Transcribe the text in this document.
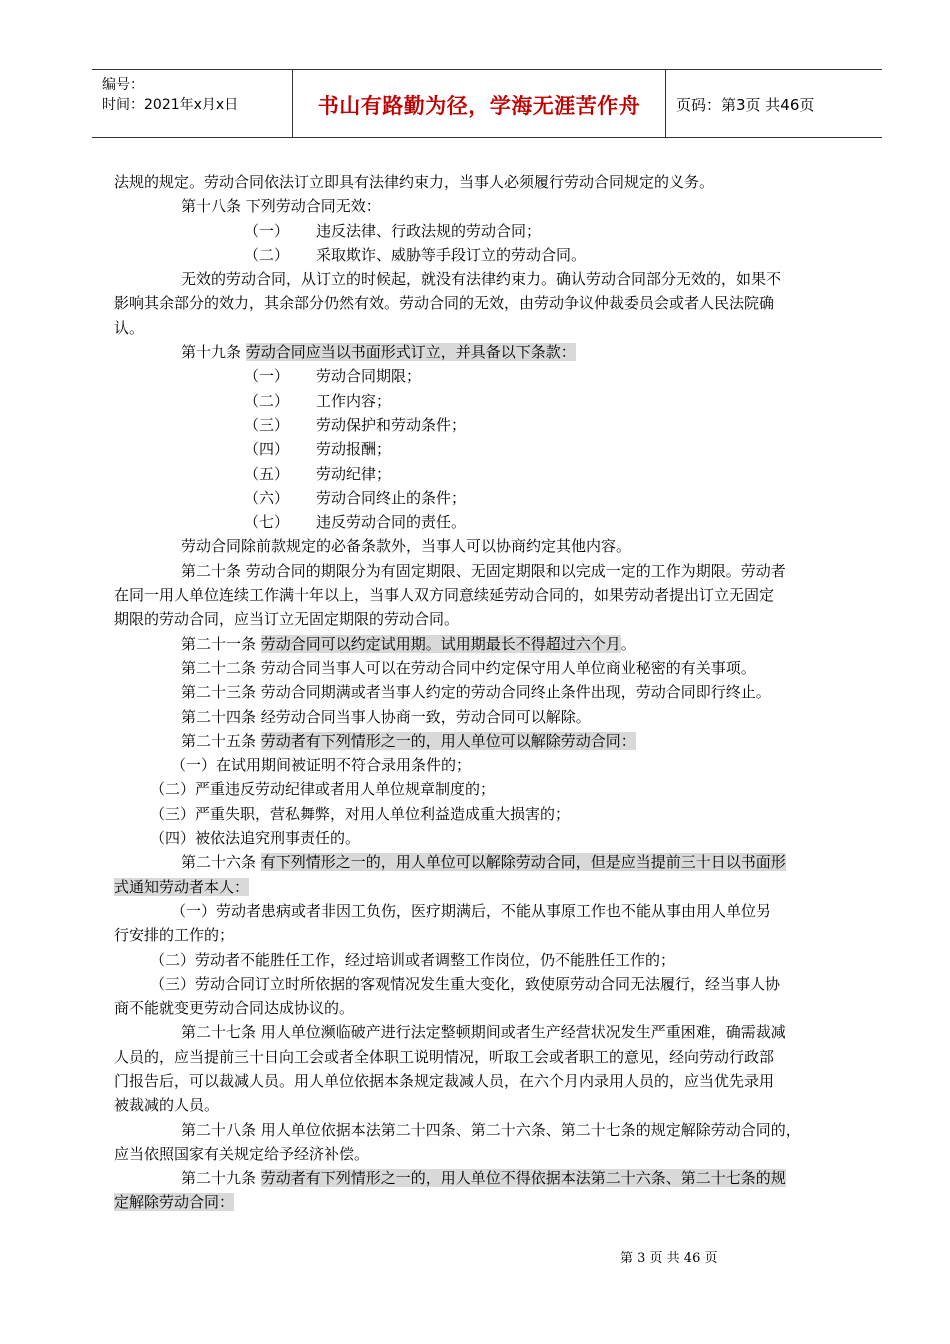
编号：
时间：2021年x月x日	书山有路勤为径，学海无涯苦作舟	页码：第3页 共46页

法规的规定。劳动合同依法订立即具有法律约束力，当事人必须履行劳动合同规定的义务。

第十八条 下列劳动合同无效：

（一） 违反法律、行政法规的劳动合同；

（二） 采取欺诈、威胁等手段订立的劳动合同。

无效的劳动合同，从订立的时候起，就没有法律约束力。确认劳动合同部分无效的，如果不

影响其余部分的效力，其余部分仍然有效。劳动合同的无效，由劳动争议仲裁委员会或者人民法院确

认。

第十九条 劳动合同应当以书面形式订立，并具备以下条款：

（一） 劳动合同期限；

（二） 工作内容；

（三） 劳动保护和劳动条件；

（四） 劳动报酬；

（五） 劳动纪律；

（六） 劳动合同终止的条件；

（七） 违反劳动合同的责任。

劳动合同除前款规定的必备条款外，当事人可以协商约定其他内容。

第二十条 劳动合同的期限分为有固定期限、无固定期限和以完成一定的工作为期限。劳动者

在同一用人单位连续工作满十年以上，当事人双方同意续延劳动合同的，如果劳动者提出订立无固定

期限的劳动合同，应当订立无固定期限的劳动合同。

第二十一条 劳动合同可以约定试用期。试用期最长不得超过六个月。

第二十二条 劳动合同当事人可以在劳动合同中约定保守用人单位商业秘密的有关事项。

第二十三条 劳动合同期满或者当事人约定的劳动合同终止条件出现，劳动合同即行终止。

第二十四条 经劳动合同当事人协商一致，劳动合同可以解除。

第二十五条 劳动者有下列情形之一的，用人单位可以解除劳动合同：

（一）在试用期间被证明不符合录用条件的；

（二）严重违反劳动纪律或者用人单位规章制度的；

（三）严重失职，营私舞弊，对用人单位利益造成重大损害的；

（四）被依法追究刑事责任的。

第二十六条 有下列情形之一的，用人单位可以解除劳动合同，但是应当提前三十日以书面形

式通知劳动者本人：

（一）劳动者患病或者非因工负伤，医疗期满后，不能从事原工作也不能从事由用人单位另

行安排的工作的；

（二）劳动者不能胜任工作，经过培训或者调整工作岗位，仍不能胜任工作的；

（三）劳动合同订立时所依据的客观情况发生重大变化，致使原劳动合同无法履行，经当事人协

商不能就变更劳动合同达成协议的。

第二十七条 用人单位濒临破产进行法定整顿期间或者生产经营状况发生严重困难，确需裁减

人员的，应当提前三十日向工会或者全体职工说明情况，听取工会或者职工的意见，经向劳动行政部

门报告后，可以裁减人员。用人单位依据本条规定裁减人员，在六个月内录用人员的，应当优先录用

被裁减的人员。

第二十八条 用人单位依据本法第二十四条、第二十六条、第二十七条的规定解除劳动合同的，

应当依照国家有关规定给予经济补偿。

第二十九条 劳动者有下列情形之一的，用人单位不得依据本法第二十六条、第二十七条的规

定解除劳动合同：

第 3 页 共 46 页
